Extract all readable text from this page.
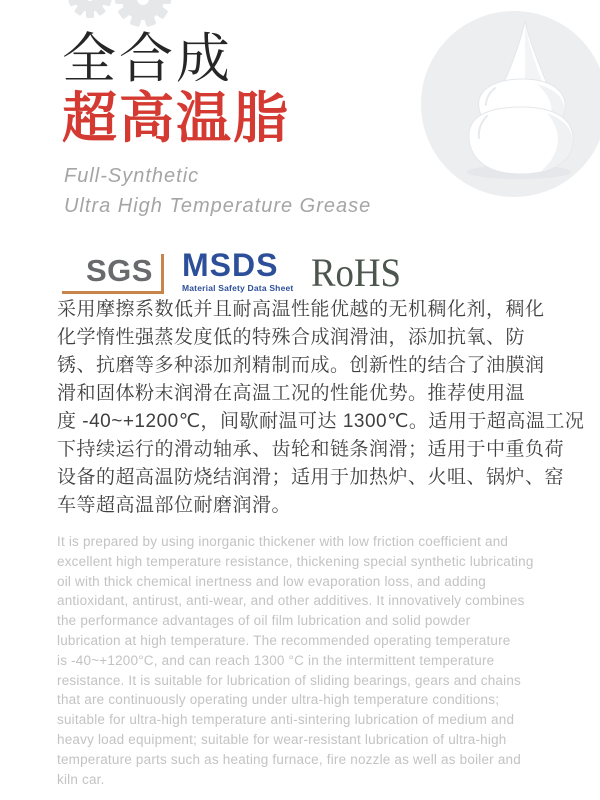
全合成
超高温脂
Full-Synthetic
Ultra High Temperature Grease
SGS MSDS
Material Safety Data Sheet RoHS
采用摩擦系数低并且耐高温性能优越的无机稠化剂，稠化
化学惰性强蒸发度低的特殊合成润滑油，添加抗氧、防
锈、抗磨等多种添加剂精制而成。创新性的结合了油膜润
滑和固体粉末润滑在高温工况的性能优势。推荐使用温
度 -40~+1200℃，间歇耐温可达 1300℃。适用于超高温工况
下持续运行的滑动轴承、齿轮和链条润滑；适用于中重负荷
设备的超高温防烧结润滑；适用于加热炉、火咀、锅炉、窑
车等超高温部位耐磨润滑。
It is prepared by using inorganic thickener with low friction coefficient and
excellent high temperature resistance, thickening special synthetic lubricating
oil with thick chemical inertness and low evaporation loss, and adding
antioxidant, antirust, anti-wear, and other additives. It innovatively combines
the performance advantages of oil film lubrication and solid powder
lubrication at high temperature. The recommended operating temperature
is -40~+1200°C, and can reach 1300 °C in the intermittent temperature
resistance. It is suitable for lubrication of sliding bearings, gears and chains
that are continuously operating under ultra-high temperature conditions;
suitable for ultra-high temperature anti-sintering lubrication of medium and
heavy load equipment; suitable for wear-resistant lubrication of ultra-high
temperature parts such as heating furnace, fire nozzle as well as boiler and
kiln car.
